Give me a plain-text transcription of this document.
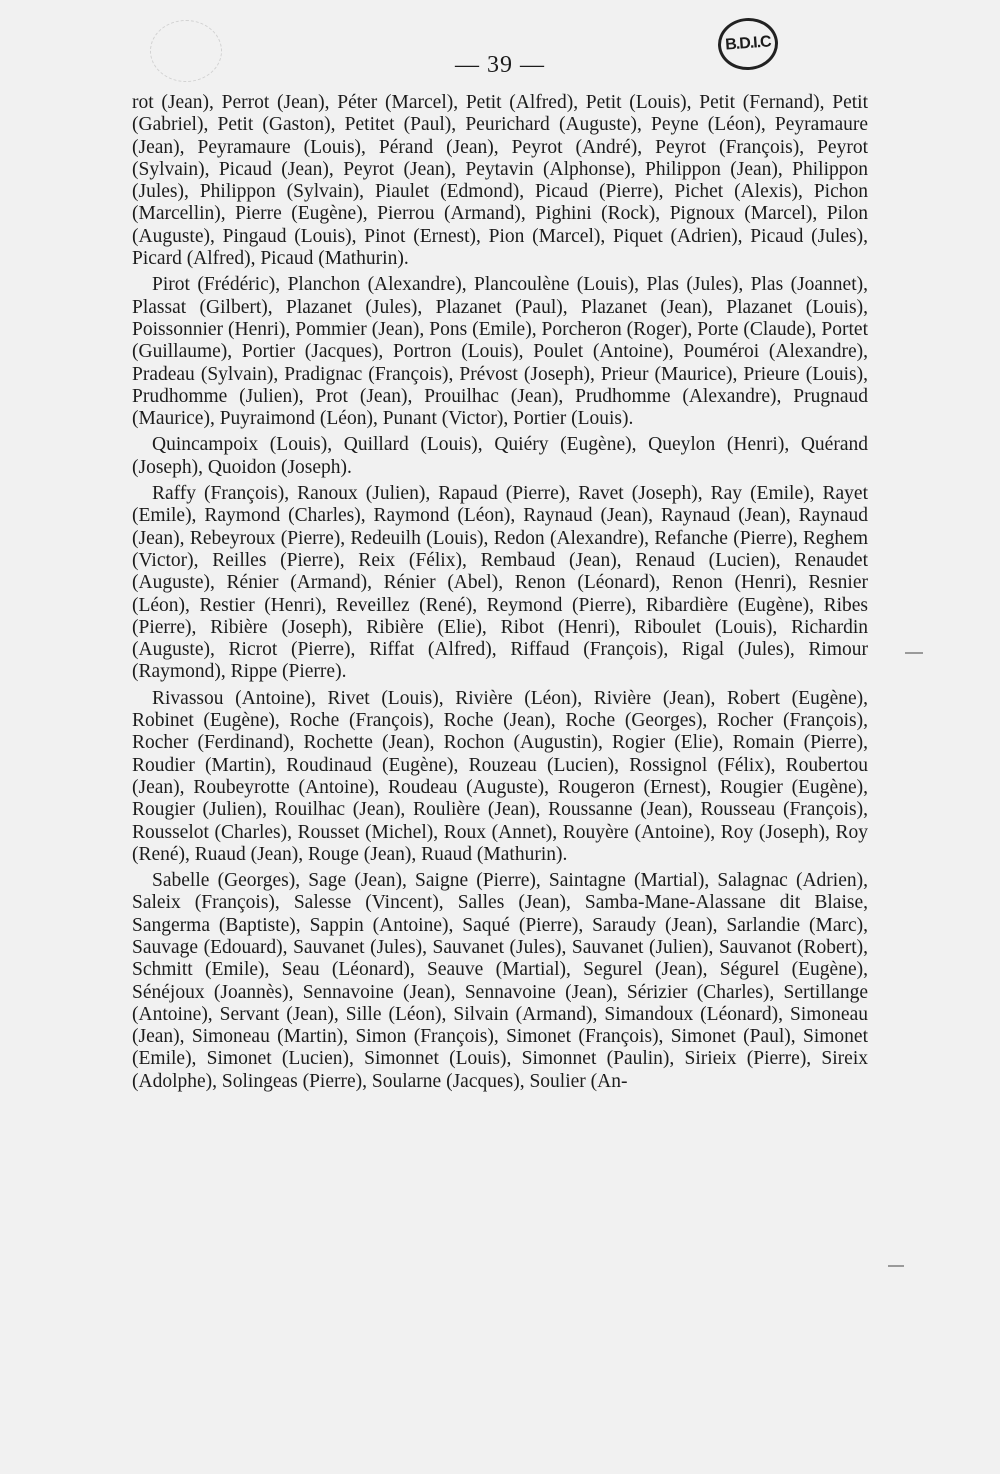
— 39 —
B.D.I.C

rot (Jean), Perrot (Jean), Péter (Marcel), Petit (Alfred), Petit (Louis), Petit (Fernand), Petit (Gabriel), Petit (Gaston), Petitet (Paul), Peurichard (Auguste), Peyne (Léon), Peyramaure (Jean), Peyramaure (Louis), Pérand (Jean), Peyrot (André), Peyrot (François), Peyrot (Sylvain), Picaud (Jean), Peyrot (Jean), Peytavin (Alphonse), Philippon (Jean), Philippon (Jules), Philippon (Sylvain), Piaulet (Edmond), Picaud (Pierre), Pichet (Alexis), Pichon (Marcellin), Pierre (Eugène), Pierrou (Armand), Pighini (Rock), Pignoux (Marcel), Pilon (Auguste), Pingaud (Louis), Pinot (Ernest), Pion (Marcel), Piquet (Adrien), Picaud (Jules), Picard (Alfred), Picaud (Mathurin).

Pirot (Frédéric), Planchon (Alexandre), Plancoulène (Louis), Plas (Jules), Plas (Joannet), Plassat (Gilbert), Plazanet (Jules), Plazanet (Paul), Plazanet (Jean), Plazanet (Louis), Poissonnier (Henri), Pommier (Jean), Pons (Emile), Porcheron (Roger), Porte (Claude), Portet (Guillaume), Portier (Jacques), Portron (Louis), Poulet (Antoine), Pouméroi (Alexandre), Pradeau (Sylvain), Pradignac (François), Prévost (Joseph), Prieur (Maurice), Prieure (Louis), Prudhomme (Julien), Prot (Jean), Prouilhac (Jean), Prudhomme (Alexandre), Prugnaud (Maurice), Puyraimond (Léon), Punant (Victor), Portier (Louis).

Quincampoix (Louis), Quillard (Louis), Quiéry (Eugène), Queylon (Henri), Quérand (Joseph), Quoidon (Joseph).

Raffy (François), Ranoux (Julien), Rapaud (Pierre), Ravet (Joseph), Ray (Emile), Rayet (Emile), Raymond (Charles), Raymond (Léon), Raynaud (Jean), Raynaud (Jean), Raynaud (Jean), Rebeyroux (Pierre), Redeuilh (Louis), Redon (Alexandre), Refanche (Pierre), Reghem (Victor), Reilles (Pierre), Reix (Félix), Rembaud (Jean), Renaud (Lucien), Renaudet (Auguste), Rénier (Armand), Rénier (Abel), Renon (Léonard), Renon (Henri), Resnier (Léon), Restier (Henri), Reveillez (René), Reymond (Pierre), Ribardière (Eugène), Ribes (Pierre), Ribière (Joseph), Ribière (Elie), Ribot (Henri), Riboulet (Louis), Richardin (Auguste), Ricrot (Pierre), Riffat (Alfred), Riffaud (François), Rigal (Jules), Rimour (Raymond), Rippe (Pierre).

Rivassou (Antoine), Rivet (Louis), Rivière (Léon), Rivière (Jean), Robert (Eugène), Robinet (Eugène), Roche (François), Roche (Jean), Roche (Georges), Rocher (François), Rocher (Ferdinand), Rochette (Jean), Rochon (Augustin), Rogier (Elie), Romain (Pierre), Roudier (Martin), Roudinaud (Eugène), Rouzeau (Lucien), Rossignol (Félix), Roubertou (Jean), Roubeyrotte (Antoine), Roudeau (Auguste), Rougeron (Ernest), Rougier (Eugène), Rougier (Julien), Rouilhac (Jean), Roulière (Jean), Roussanne (Jean), Rousseau (François), Rousselot (Charles), Rousset (Michel), Roux (Annet), Rouyère (Antoine), Roy (Joseph), Roy (René), Ruaud (Jean), Rouge (Jean), Ruaud (Mathurin).

Sabelle (Georges), Sage (Jean), Saigne (Pierre), Saintagne (Martial), Salagnac (Adrien), Saleix (François), Salesse (Vincent), Salles (Jean), Samba-Mane-Alassane dit Blaise, Sangerma (Baptiste), Sappin (Antoine), Saqué (Pierre), Saraudy (Jean), Sarlandie (Marc), Sauvage (Edouard), Sauvanet (Jules), Sauvanet (Jules), Sauvanet (Julien), Sauvanot (Robert), Schmitt (Emile), Seau (Léonard), Seauve (Martial), Segurel (Jean), Ségurel (Eugène), Sénéjoux (Joannès), Sennavoine (Jean), Sennavoine (Jean), Sérizier (Charles), Sertillange (Antoine), Servant (Jean), Sille (Léon), Silvain (Armand), Simandoux (Léonard), Simoneau (Jean), Simoneau (Martin), Simon (François), Simonet (François), Simonet (Paul), Simonet (Emile), Simonet (Lucien), Simonnet (Louis), Simonnet (Paulin), Sirieix (Pierre), Sireix (Adolphe), Solingeas (Pierre), Soularne (Jacques), Soulier (An-
